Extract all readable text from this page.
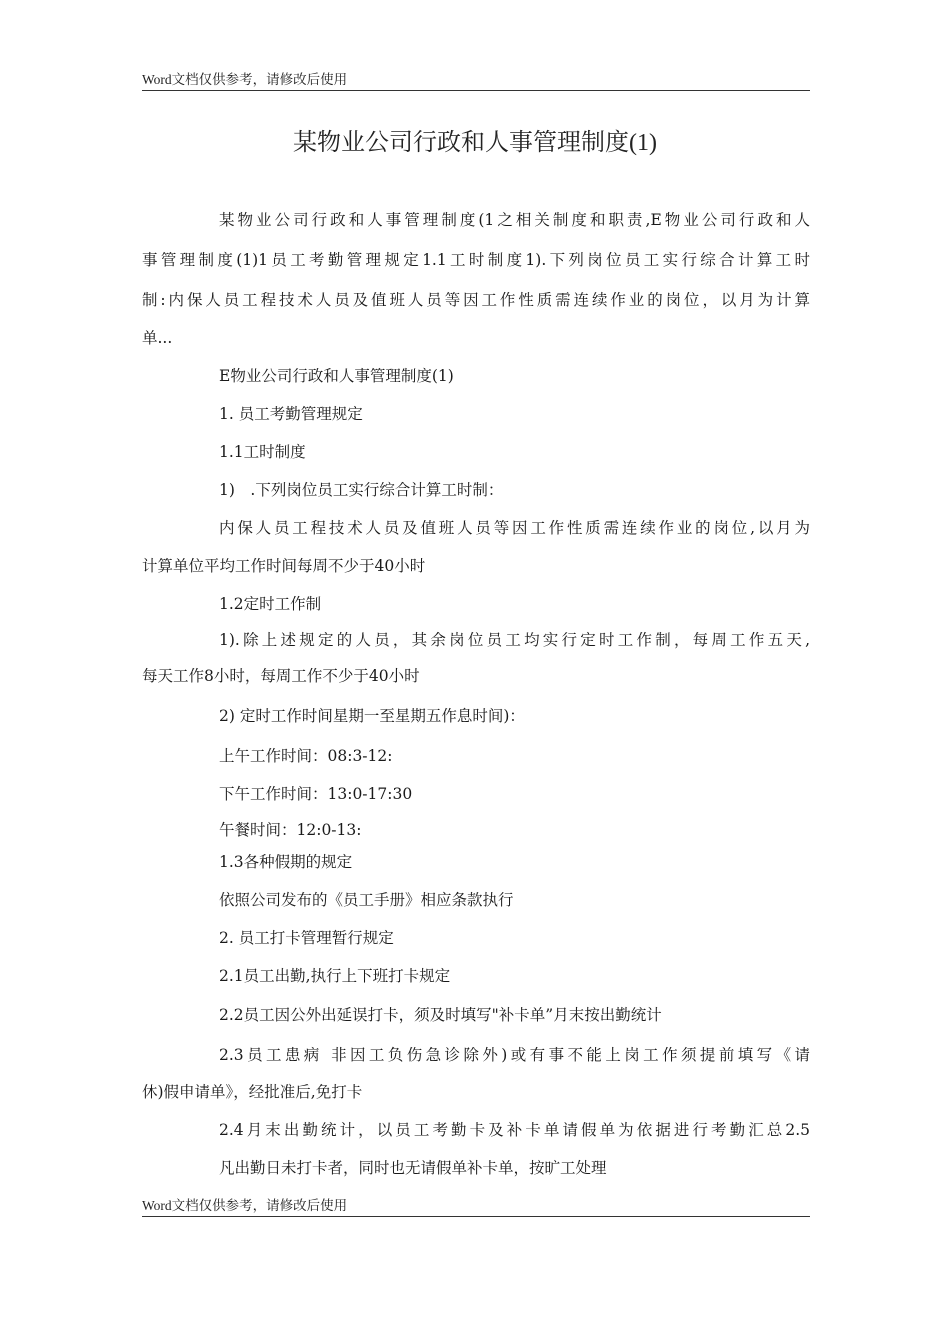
Word文档仅供参考，请修改后使用
某物业公司行政和人事管理制度(1)
某物业公司行政和人事管理制度(1之相关制度和职责,E物业公司行政和人
事管理制度(1)1员工考勤管理规定1.1工时制度1).下列岗位员工实行综合计算工时
制:内保人员工程技术人员及值班人员等因工作性质需连续作业的岗位，以月为计算
单...
E物业公司行政和人事管理制度(1)
1. 员工考勤管理规定
1.1工时制度
1)　.下列岗位员工实行综合计算工时制：
内保人员工程技术人员及值班人员等因工作性质需连续作业的岗位,以月为
计算单位平均工作时间每周不少于40小时
1.2定时工作制
1).除上述规定的人员，其余岗位员工均实行定时工作制，每周工作五天,
每天工作8小时，每周工作不少于40小时
2) 定时工作时间星期一至星期五作息时间)：
上午工作时间：08:3-12:
下午工作时间：13:0-17:30
午餐时间：12:0-13:
1.3各种假期的规定
依照公司发布的《员工手册》相应条款执行
2. 员工打卡管理暂行规定
2.1员工出勤,执行上下班打卡规定
2.2员工因公外出延误打卡，须及时填写"补卡单”月末按出勤统计
2.3员工患病 非因工负伤急诊除外)或有事不能上岗工作须提前填写《请
休)假申请单》，经批准后,免打卡
2.4月末出勤统计，以员工考勤卡及补卡单请假单为依据进行考勤汇总2.5
凡出勤日未打卡者，同时也无请假单补卡单，按旷工处理
Word文档仅供参考，请修改后使用
